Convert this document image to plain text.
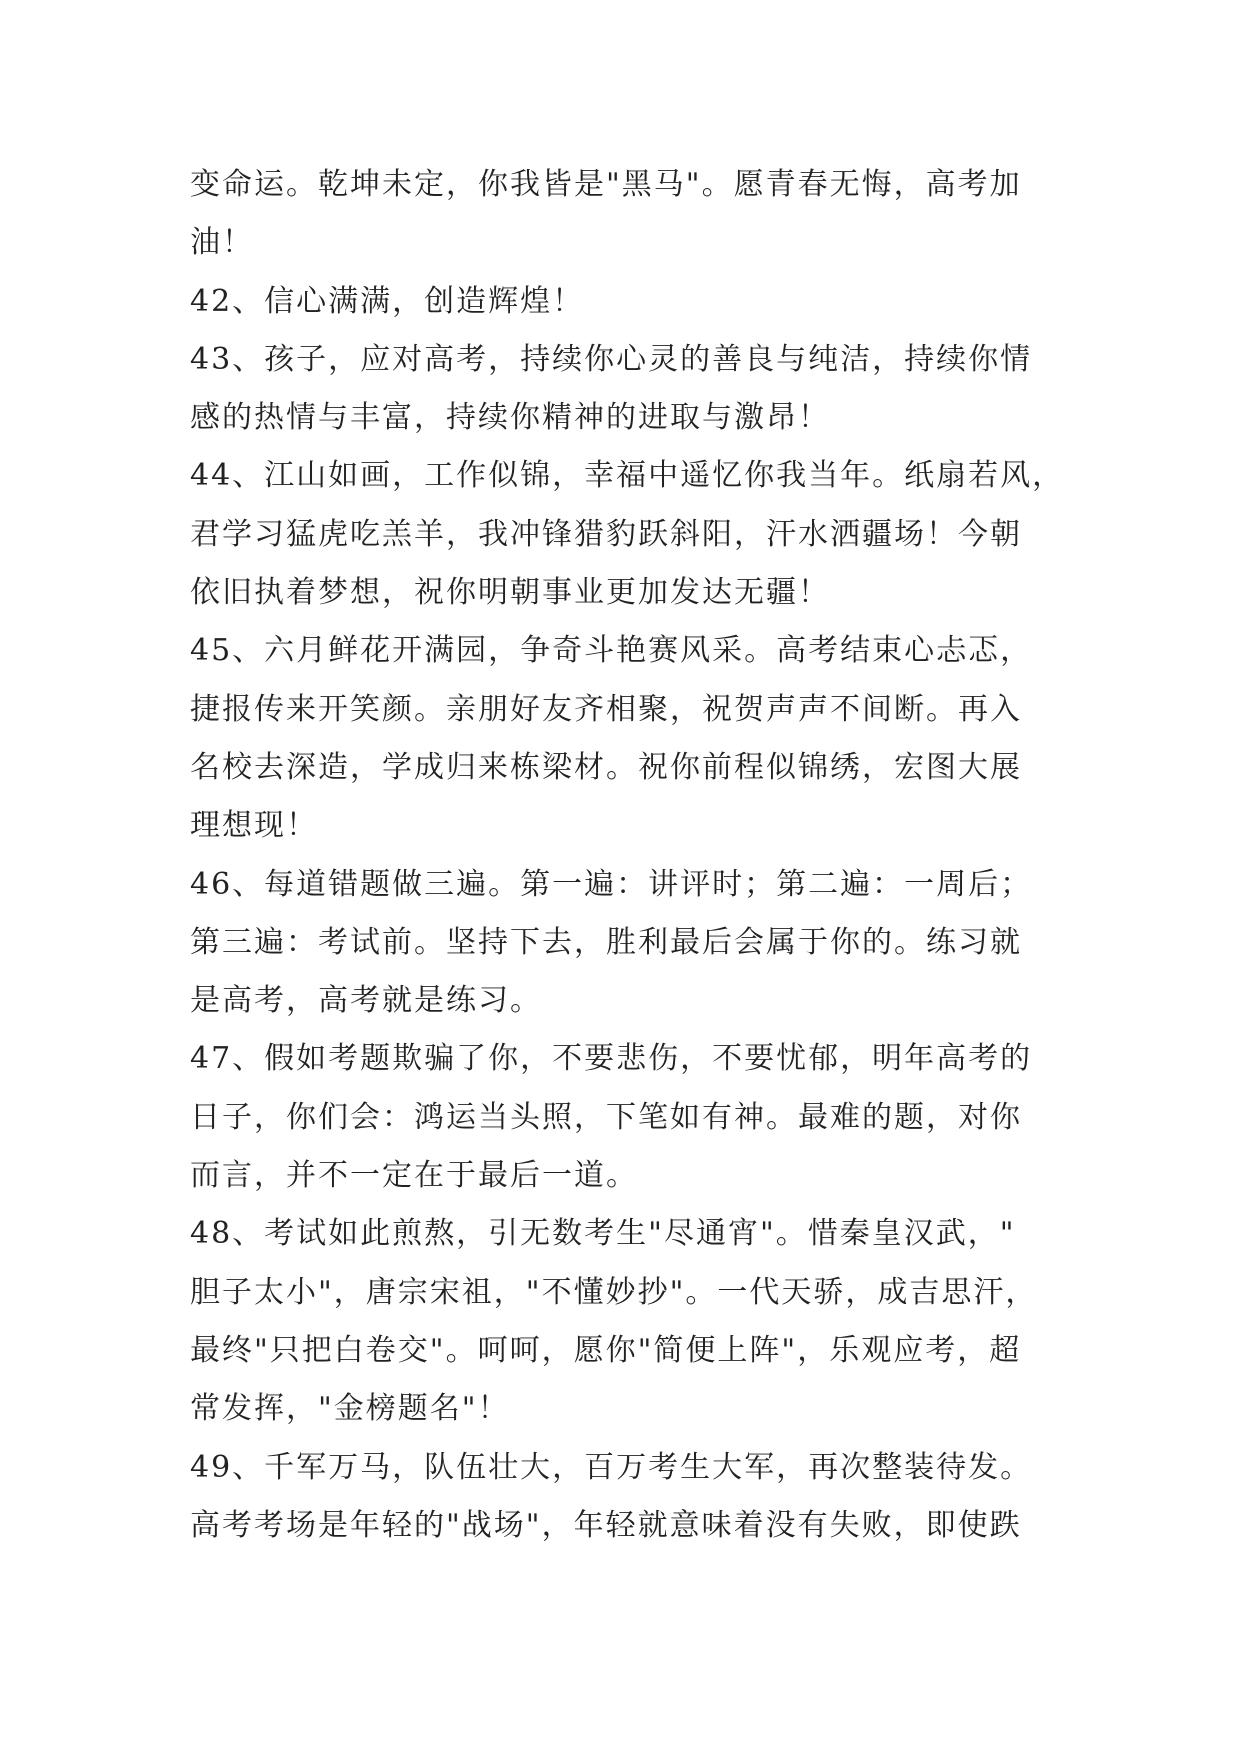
变命运。乾坤未定，你我皆是"黑马"。愿青春无悔，高考加
油！
42、信心满满，创造辉煌！
43、孩子，应对高考，持续你心灵的善良与纯洁，持续你情
感的热情与丰富，持续你精神的进取与激昂！
44、江山如画，工作似锦，幸福中遥忆你我当年。纸扇若风，
君学习猛虎吃羔羊，我冲锋猎豹跃斜阳，汗水洒疆场！今朝
依旧执着梦想，祝你明朝事业更加发达无疆！
45、六月鲜花开满园，争奇斗艳赛风采。高考结束心忐忑，
捷报传来开笑颜。亲朋好友齐相聚，祝贺声声不间断。再入
名校去深造，学成归来栋梁材。祝你前程似锦绣，宏图大展
理想现！
46、每道错题做三遍。第一遍：讲评时；第二遍：一周后；
第三遍：考试前。坚持下去，胜利最后会属于你的。练习就
是高考，高考就是练习。
47、假如考题欺骗了你，不要悲伤，不要忧郁，明年高考的
日子，你们会：鸿运当头照，下笔如有神。最难的题，对你
而言，并不一定在于最后一道。
48、考试如此煎熬，引无数考生"尽通宵"。惜秦皇汉武，"
胆子太小"，唐宗宋祖，"不懂妙抄"。一代天骄，成吉思汗，
最终"只把白卷交"。呵呵，愿你"简便上阵"，乐观应考，超
常发挥，"金榜题名"！
49、千军万马，队伍壮大，百万考生大军，再次整装待发。
高考考场是年轻的"战场"，年轻就意味着没有失败，即使跌
